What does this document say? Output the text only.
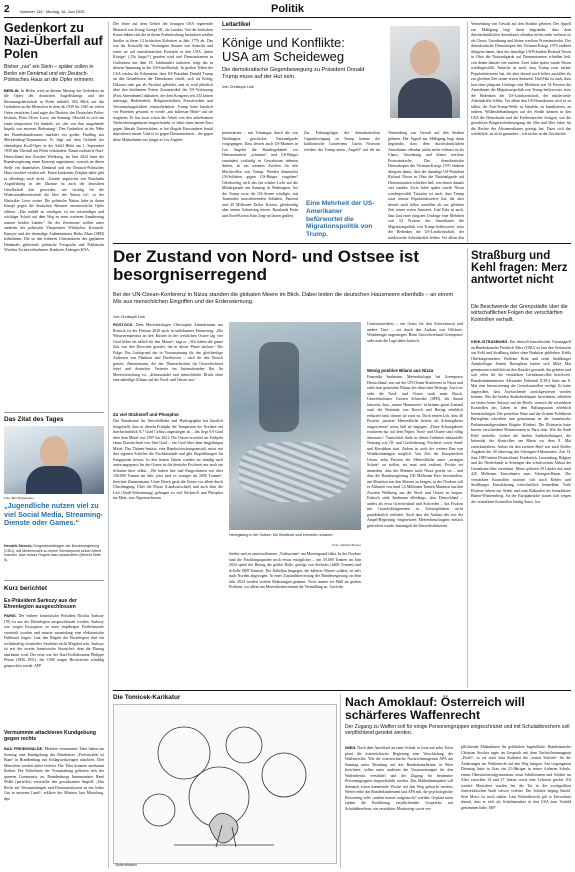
2	Nummer 136 · Montag, 16. Juni 2025	Politik
Gedenkort zu Nazi-Überfall auf Polen
Bisher „nur“ ein Stein – später sollen in Berlin ein Denkmal und ein Deutsch-Polnisches Haus an die Opfer erinnern.
BERLIN. In Berlin wird an diesem Montag ein Gedenkort an die Opfer des deutschen Angriffskriegs und der Besatzungsherrschaft in Polen enthüllt. Mit Blick auf das Gedenken an die Menschen in dem ab 1939 bis 1945 an vielen Orten zerstörten Land sagte der Direktor des Deutschen Polen-Instituts, Peter Oliver Loew, am Sonntag: Obwohl es sich um einen temporären Ort handele, sei „der von ihm ausgehende Impuls von enormer Bedeutung“. Den Gedenkort in der Nähe des Bundeskanzleramts markiert ein großer Findling aus Mecklenburg-Vorpommern. Er liegt auf dem Gelände der ehemaligen Kroll-Oper, in der Adolf Hitler am 1. September 1939 den Überfall auf Polen verkündete. Damit realisierte Nazi-Deutschland den Zweiten Weltkrieg. Im Juni 2024 hatte die Bundesregierung einen Konzept angestimmt, wonach an dieser Stelle ein dauerhaftes Denkmal und ein Deutsch-Polnisches Haus errichtet werden soll. Einen konkreten Zeitplan dafür gibt es allerdings noch nicht. „Gerade angesichts von Russlands Angriffskrieg in der Ukraine ist auch der deutschen Gesellschaft klar geworden, wie wichtig für die Widerstandsbereitschaft die Idee der Nation ist“, so der Historiker Loew weiter. Die polnische Nation habe in ihrem Kampf gegen die deutschen Besatzer unermessliche Opfer erlitten. „Das enthält zu würdigen, ist ein notwendiger und wichtiger Schritt auf dem Weg zu einer weiteren Annäherung unserer beiden Länder.“ An der Zeremonie wollen unter anderem der polnische Vizepremier Wladyslaw Kosiniak-Kamysz und der ehemalige Außenminister Heiko Maas (SPD) teilnehmen. Die zu den früheren Unterstützern des geplanten Denkmals gehörende polnische Fotografin und Publizistin Wiesław Zwiera teilnehmen. Konkrete Anfragen KNA.
Das Zitat des Tages
Foto: Bert Bostelmann
„Jugendliche nutzen viel zu viel Social Media, Streaming-Dienste oder Games.“
Hendrik Streeck, Drogenbeauftragter der Bundesregierung (CDU), will Medienzucht zu einem Schwerpunkt seiner Arbeit machen. Man müsse Regeln dazu ausarbeiten (Bericht Seite 5).
Kurz berichtet
Ex-Präsident Sarkozy aus der Ehrenlegion ausgeschlossen
PARIS. Der frühere französische Präsident Nicolas Sarkozy (70) ist aus der Ehrenlegion ausgeschlossen worden. Sarkozy war wegen Korruption zu einer einjährigen Freiheitsstrafe verurteilt worden und musste monatelang eine elektronische Fußfessel tragen. Laut den Regeln der Ehrenlegion darf ein rechtskräftig verurteilter Straftäter nicht Mitglied sein. Sarkozy ist erst der zweite französische Staatschef, dem die Ehrung aberkannt wird. Der erste war der Nazi-Kollaborateur Philippe Pétain (1856–1951), der 1949 wegen Hochverrats schuldig gesprochen wurde. AFP
Vermummte attackieren Kundgebung gegen rechts
BAD FREIENWALDE. Mehrere vermummte Täter haben am Sonntag eine Kundgebung des Bündnisses „Freienwalde ist Bunt“ in Brandenburg mit Schlagwerkzeugen attackiert. Drei Menschen wurden dabei verletzt. Die Täter konnten unerkannt fliehen. Die Teilnehmer der Veranstaltung gehörten teils der queeren Community an. Brandenburgs Innenminister René Wilke (parteilos) verurteilte den gewaltsamen Angriff: „Das Recht auf Versammlungen und Demonstrationen ist ein hohes Gut in unserem Land“, erklärte der Minister laut Mitteilung. dpa
Der letzte auf dem Gebiet der heutigen USA regierende Monarch war König George III., als Landon. Von der britischen Krone haben sich die in ihrem Freiheitsdrang bestärkten weißen Siedler in ihren 13 britischen Kolonien in Jahr 1776 ab. Das war der Kernzelle der Vereinigten Staaten von Amerika und wenn sie auf amerikanischen Protesten in den USA „keine Könige“ („No kings!“) gerufen wird und Demonstranten in Uniformen aus dem 18. Jahrhundert auftreten, folgt das in diesem Spannung in der US-Gesellschaft. In großen Teilen der USA wächst die Erkenntnis, dass US-Präsident Donald Trump an den Grundfesten der Demokratie rüttelt, sich als König, Diktator oder gar als Faschist gebärdet, und es wird plötzlich über den berühmten Ersten Zusatzartikel der US-Verfassung (First Amendment) diskutiert, der dem Kongress seit 234 Jahren untersagt, Redefreiheit, Religionsfreiheit, Pressefreiheit und Versammlungsfreiheit einzuschränken. Trump hatte kürzlich vor Protesten gewarnt, er werde „mit äußerster Härte“ auf sie reagieren. Er hat zwar schon die Arbeit von den unliebsamen Nachrichtenagenturen eingeschränkt, er führt einen harten Kurs gegen liberale Universitäten, er hat illegale Einwanderer brutal deportieren lassen. Und er ist gegen Demonstranten – die gegen diese Maßnahmen wie jüngst in Los Angeles
Leitartikel
Könige und Konflikte: USA am Scheideweg
Die demokratische Gegenbewegung zu Präsident Donald Trump muss auf der Hut sein.
Von Christoph Link
protestierten – mit Tränengas durch die von Washington geschickte Nationalgarde vorgegangen. Dass derzeit auch US-Marines in Los Angeles die Bundesgebäude vor Demonstranten „schützen“ und US-Bürger zumindest vorläufig in Gewahrsam nehmen dürfen, ist ein weiteres Zeichen für den Machtwillen von Trump. Werden demnächst US-Soldaten gegen US-Bürger vorgehen? Gleichzeitig wirft das ein schales Licht auf die Militärparade am Samstag in Washington, bei der Trump zwar die US-Armee würdigte, mit Tausenden marschierenden Soldaten, Panzern und 45 Millionen Dollar Kosten, gleichzeitig aber seinen Geburtstag feierte. Russlands Putin und Nord-Koreas Kim Jong-un lassen grüßen.
Zur Führungsfigur der demokratischen Gegenbewegung zu Trump könnte der kalifornische Gouverneur Gavin Newsom werden, der Trump einen „Angriff“ auf die im
Eine Mehrheit der US-Amerikaner befürwortet die Migrationspolitik von Trump.
Vermeidung von Gewalt auf den Straßen gebeten. Der Appell zur Mäßigung liegt darin begründet, dass dem durchschnittlichen Amerikaner offenbar nichts mehr verhasst ist als Chaos, Unordnung und kleine wertlose Protestmärsche. Der demokratische Demoskopen des Vietnam-Kriegs 1970 endeten übrigens damit, dass der damalige US-Präsident Richard Nixon in Ohio die Nationalgarde auf Demonstranten schießen ließ, von denen damals vier starben. Zwei Jahre später wurde Nixon wiedergewählt. Tatsache ist auch, dass Trump zwar meiste Popularitätswerte hat, die aber derzeit noch höher ausfallen als zur gleichen Zeit seiner ersten Amtszeit. Und Fakt ist auch, dass laut einer jüngsten Umfrage eine Mehrheit von 54 Prozent der Amerikaner die Migrationspolitik von Trump befürwortet, trotz der Bedenken der US-Landwirtschaft, der mittlerweile Arbeitskräfte fehlen. Vor allem den
Vermeidung von Gewalt auf den Straßen gebeten. Der Appell zur Mäßigung liegt darin begründet, dass dem durchschnittlichen Amerikaner offenbar nichts mehr verhasst ist als Chaos, Unordnung und kleine wertlose Protestmärsche. Der demokratische Demoskopen des Vietnam-Kriegs 1970 endeten übrigens damit, dass der damalige US-Präsident Richard Nixon in Ohio die Nationalgarde auf Demonstranten schießen ließ, von denen damals vier starben. Zwei Jahre später wurde Nixon wiedergewählt. Tatsache ist auch, dass Trump zwar meiste Popularitätswerte hat, die aber derzeit noch höher ausfallen als zur gleichen Zeit seiner ersten Amtszeit. Und Fakt ist auch, dass laut einer jüngsten Umfrage eine Mehrheit von 54 Prozent der Amerikaner die Migrationspolitik von Trump befürwortet, trotz der Bedenken der US-Landwirtschaft, der mittlerweile Arbeitskräfte fehlen. Vor allem den US-Demokraten wird es zu fallen, die Anti-Trump-Welle zu bündeln, zu kanalisieren, zu ordnen. Willensbekundungen auf der Straße können in den USA die Demokratie und die Freiheitsrechte festigen, wie die gewaltlose Bürgerrechtsbewegung der 50er und 60er Jahre für die Rechte der Afroamerikaner gezeigt hat. Dazu sich das wiederholt, ist nicht garantiert – wie nichts in der Geschichte.
Der Zustand von Nord- und Ostsee ist besorgniserregend
Bei der UN-Ozean-Konferenz in Nizza standen die globalen Meere im Blick. Dabei leiden die deutschen Hausmeere ebenfalls – an einem Mix aus menschlichen Eingriffen und der Erderwärmung.
Von Christoph Link
ROSTOCK. Dem Meeresbiologen Christopher Zimmermann aus Rostock ist der Februar 2020 noch in unliebsamer Erinnerung: „Die Wassertemperatur an den Küsten in der westlichen Ostsee lag vier Grad höher als üblich für den Monat“, sagt er. „Wir haben die ganze Zeit von den Dorschen geredet, die in dieser Phase laichen.“ Die Folge: Ein Laichgrund der in Voraussetzung für das gleichzeitige Auftreten von Plankton und Fischlarven – wird für den Dorsch gestört. Zimmermann, der das Thünen-Institut für Ostseefischerei leitet und deutscher Vertreter im Internationalen Rat für Meeresforschung ist, „klimawandel und menschlicher Druck ohne eine unheilige Allianz auf die Nord- und Ostsee aus.“
Zu viel Stickstoff und Phosphor
Das Bundesamt für Seeschifffahrt und Hydrographie hat kürzlich festgestellt, dass in diesem Frühjahr die Temperatur der Nordsee auf durchschnittlich 8,7 Grad Celsius angestiegen ist – das liegt 0,9 Grad über dem Mittel von 1997 bis 2021: Die Ostsee erreichte im Frühjahr einen Durchschnitt von fünf Grad – ein Grad über dem langjährigen Mittel. Das Thünen-Institut, eine Bundesforschungsanstalt, misst mit drei eigenen Schiffen die Fischbestände und gibt Empfehlungen für Fangquoten heraus. In den letzten Jahren wurden sie ständig nach unten angepasst: Im der Ostsee ist die deutsche Fischerei nur noch ein Schatten ihrer selbst. „Wir hatten hier mal Fangvolumen von über 100.000 Tonnen im Jahr, jetzt sind es weniger als 2000 Tonnen“, berichtet Zimmermann. Unter Druck gerät die Ostsee vor allem durch Überdüngung. Über die Flüsse (Landwirtschaft) und auch über die Luft (Stadt-Verbrennung) gelangen zu viel Stickstoff und Phosphor ins Meer, was Algenwachstum
Heringsfang in der Ostsee: Die Bestände sind erheblich reduziert.
Foto: Ipaclaro Bulmer
fördert und zu sauerstoffarmen „Todeszonen“ am Meeresgrund führt. In der Nordsee sind die Fischfanguquoten noch etwas erträglicher – mit 55.000 Tonnen im Jahr 2024 spielt der Hering die größte Rolle, gefolgt von Seelachs (4400 Tonnen) und Scholle (800 Tonnen). Der Kabeljau hingegen, der kälteres Wasser schätzt, ist teils nach Norden abgezogen. In einer Zustandsbewertung der Bundesregierung an dem Jahr 2024 werden weitere Belastungen genannt: Noch immer sei Müll im großen Problem, vor allem am Meeresboden nimmt die Vermüllung zu. Auch der
Unterwasserlärm – ein Graus für den Schweinswal und andere Tiere – sei durch den Ausbau von Offshore-Windenergie angestiegen. Beim Umweltverband Greenpeace sieht man die Lage daher kritisch.
Wenig positive Bilanz aus Nizza
Franziska Saalmann, Meeresbiologin bei Greenpeace Deutschland, war auf der UN-Ozean-Konferenz in Nizza und zieht eine gemischte Bilanz des deutschen Beitrags. Auch sie sieht die Nord- und Ostsee stark unter Druck. Umweltminister Carsten Schneider (SPD), der darauf hinweist, dass „unsere Hausmeere“ in keinem guten Zustand sind, die Bestände von Dorsch und Hering erheblich reduziert sind, stimmt sie zwar zu. Doch seinen Lob, dass 46 Prozent „unserer Meeresfläche bereits als Schutzgebiete ausgewiesen“ seien, hält sie dagegen: „Diese Schutzgebiete existieren nur auf dem Papier. Nord- und Ostsee sind völlig übernutzt.“ Tatsächlich finde in diesen Gebieten industrielle Nutzung wie Öl- und Gasförderung, Fischerei sowie Sand- und Kiesabbau statt. Zudem ist auch der weitere Bau von Windkraftanlagen möglich. Von Zeit der Europäischen Union, zehn Prozent der Meeresfläche unter „strengen Schutz“ zu stellen, sei man weit entfernt. Positiv sei immerhin, dass der Minister nach Nizza gereist sei – und dass die Bundesregierung 100 Millionen Euro bereitstellen, um Munition aus den Meeren zu bergen, in der Nordsee soll es Altlasten von rund 1,6 Millionen Tonnen Munition aus den Zweiten Weltkrieg aus der Nord- und Ostsee zu bergen. Kritisch sieht Saalmann allerdings, dass Deutschland – anders als etwa Griechenland und Schweden – das Fischen mit Grundschleppnetzen in Schutzgebieten nicht grundsätzlich verbietet. Auch dass der Ausbau des von der Ampel-Regierung eingesetzten Meeresbeauftragten einfach gestrichen wurde, bemängelt die Umweltschützerin.
Straßburg und Kehl fragen: Merz antwortet nicht
Die Beschwerde der Grenzstädte über die wirtschaftlichen Folgen der verschärften Kontrollen verhallt.
KEHL/STRASBURG. Ein deutsch-französischer Grenzappell an Bundeskanzler Friedrich Merz (CDU) ist laut den Verfassern aus Kehl und Straßburg bisher ohne Reaktion geblieben. Kehls Oberbürgermeister Wolfram Britz und seine Straßburger Amtskollegin Jeanne Barseghian hatten sich Mitte Mai gemeinsam schriftlich an den Kanzler gewandt, ihn gebeten und sich offen für die verstärkten Grenzkontrollen beschwert. Bundesinnenminister Alexander Dobrindt (CSU) hatte am 8. Mai eine Intensivierung der Grenzkontrollen verfügt. Er hatte angeordnet, dass Asylsuchende zurückgewiesen werden können. Wie die beiden Stadtoberhäupter berichteten, erhielten sie bisher keine Antwort auf ihr Briefe, wonach die verstärkten Kontrollen das Leben in dem Ballungsraum erheblich beeinträchtigen. Der parteilose Britz und die Grünen-Politikerin Barseghian schrieben nun gemeinsam an die französische Parlamentsabgeordnete Brigitte Klinkert. Die Elsässerin hatte bereits verschiedene Ministerinnen in Paris inne. Wie die Stadt Kehl mitteilte, fordert die beiden Stadtoberhäupter, die Intensität der Kontrollen am Rhein vor dem 8. Mai zurückzufahren. Anlass für den zweiten Brief war auch Kehler Angaben der 40 Jahrestag des Schengen-Abkommens. Am 14. Juni 1985 hatten Deutschland, Frankreich, Luxemburg, Belgien und die Niederlande in Schengen den schrittweisen Abbau der Grenzkontrollen vereinbart. Heute gehören 29 Länder mit rund 420 Millionen Einwohnern zum Schengen-Raum. Die verstärkten Kontrollen machen sich nach Kehler und Straßburger Einschätzung wirtschaftlich bemerkbar. Viele Elsässer fahren zur Arbeit und zum Einkaufen ins benachbarte Baden-Württemberg. An der Europabrücke stauen sich wegen der verstärkten Kontrollen häufig Autos. lsw
Die Tomicek-Karikatur
Seifenblasen
Nach Amoklauf: Österreich will schärferes Waffenrecht
Der Zugang zu Waffen soll für einige Personengruppen eingeschränkt und mit Schulabbrechern soll verpflichtend geredet werden.
WIEN. Nach dem Amoklauf an einer Schule in Graz mit zehn Toten plant die österreichische Regierung eine Verschärfung des Waffenrechts. Wie die österreichische Nachrichtenagentur APA am Samstag unter Berufung auf das Bundeskanzleramt in Wien berichtete, sollen unter anderem die Voraussetzungen für den Waffenbesitz verschärft und der Zugang für bestimmte Personengruppen eingeschränkt werden. Das Maßnahmenpaket soll demnach schon kommende Woche auf den Weg gebracht werden. Weiter teilte das Bundeskanzleramt laut APA mit, die psychologische Bewertung solle „zudem massiv aufgestockt“ werden. Geplant seien zudem die Einführung verpflichtender Gespräche mit Schulabbrechern, ein verstärktes Monitoring sowie ver-
pflichtende Maßnahmen für gefährdete Jugendliche. Bundeskanzler Christian Stocker sagte im Gespräch mit dem Nachrichtenmagazin „Profil“, es sei noch kein Kabinett die „ersten Schritte“ für die Änderungen am Waffenrecht auf den Weg bringen. Am vergangenen Dienstag hatte in Graz ein 21-Jähriger in seiner früheren Schule, einem Oberstufenrealgymnasium, neun Schülerinnen und Schüler im Alter zwischen 14 und 17 Jahren sowie eine Lehrerin getötet. Elf weitere Menschen wurden bei der Tat in der zweitgrößten österreichischen Stadt schwer verletzt. Der Schütze beging Suizid. Sein Motiv ist noch unklar. Laut Polizeibericht gilt er Einwohner darauf, dass er sich als Schulmassaker in den USA zum Vorbild genommen habe. AFP
